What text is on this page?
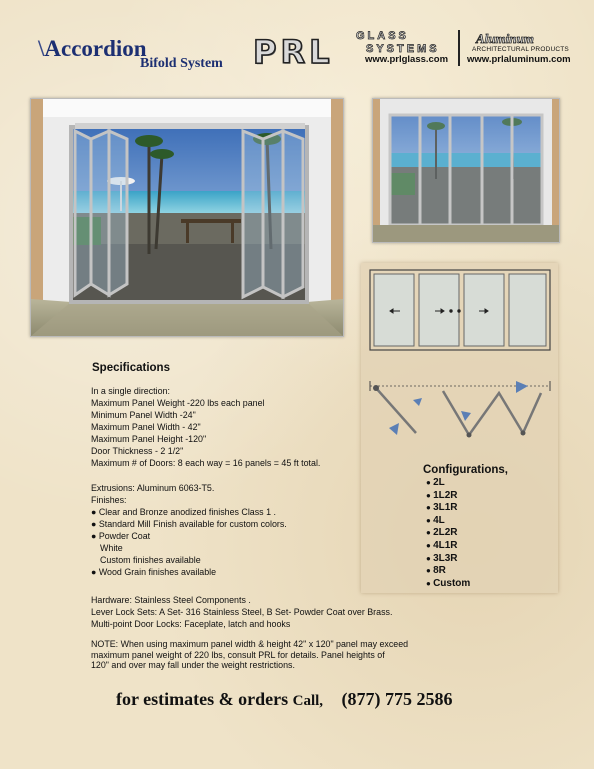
\Accordion
Bifold System PRL GLASS
SYSTEMS
www.prlglass.com
Aluminum
ARCHITECTURAL PRODUCTS
www.prlaluminum.com
Configurations,
● 2L
● 1L2R
● 3L1R
● 4L
● 2L2R
● 4L1R
● 3L3R
● 8R
● Custom
Specifications
In a single direction:
Maximum Panel Weight -220 lbs each panel
Minimum Panel Width -24"
Maximum Panel Width - 42"
Maximum Panel Height -120"
Door Thickness - 2 1/2"
Maximum # of Doors: 8 each way = 16 panels = 45 ft total.
Extrusions: Aluminum 6063-T5.
Finishes:
● Clear and Bronze anodized finishes Class 1 .
● Standard Mill Finish available for custom colors.
● Powder Coat
White
Custom finishes available
● Wood Grain finishes available
Hardware: Stainless Steel Components .
Lever Lock Sets: A Set- 316 Stainless Steel, B Set- Powder Coat over Brass.
Multi-point Door Locks: Faceplate, latch and hooks
NOTE: When using maximum panel width & height 42" x 120" panel may exceed
maximum panel weight of 220 lbs, consult PRL for details. Panel heights of
120" and over may fall under the weight restrictions.
for estimates & orders Call, (877) 775 2586
